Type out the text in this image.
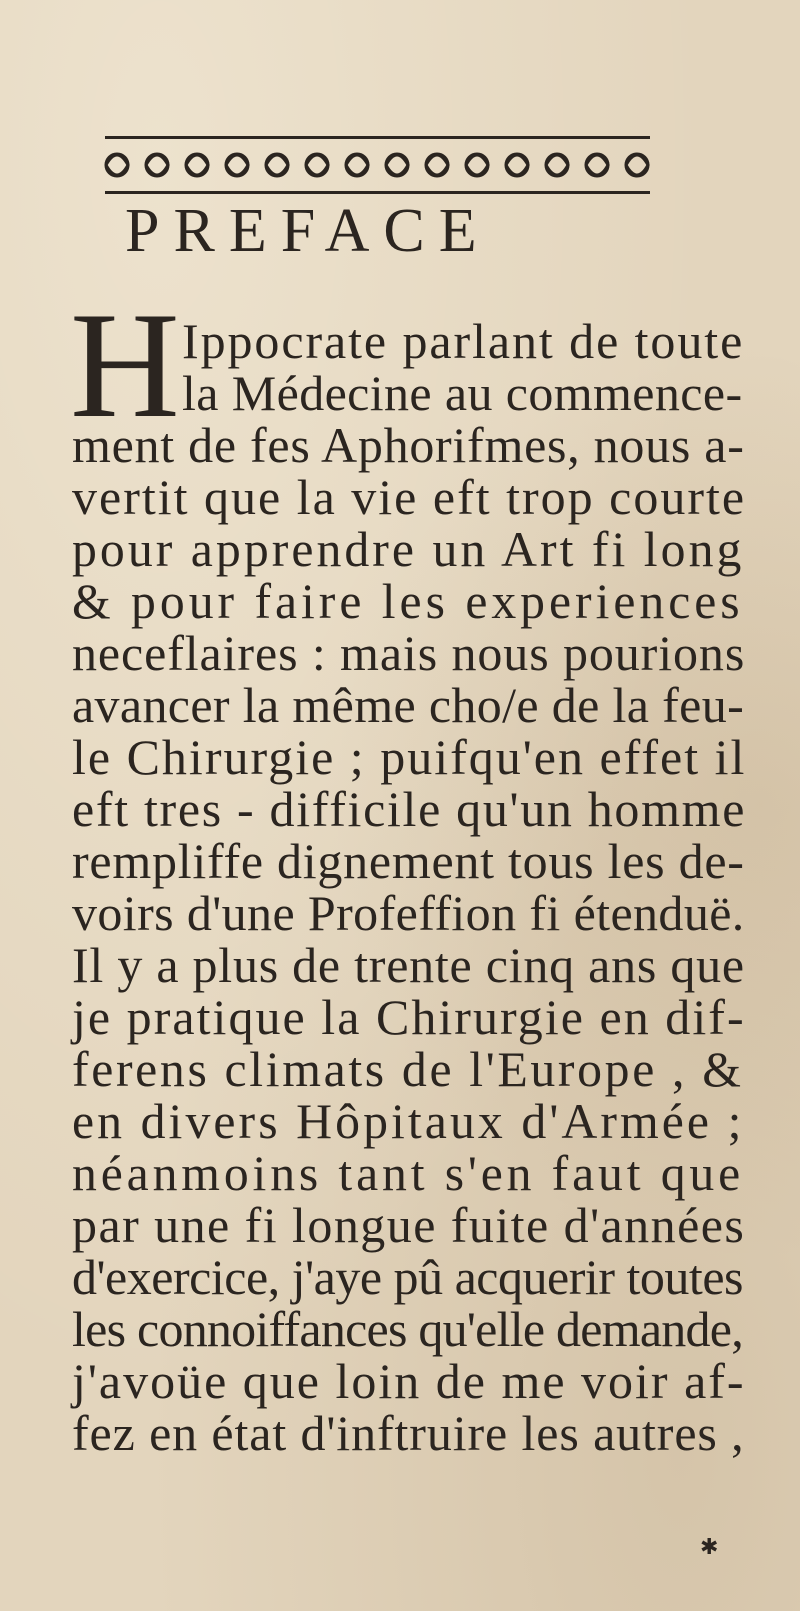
PREFACE
H Ippocrate parlant de toute
la Médecine au commence-
ment de fes Aphorifmes, nous a-
vertit que la vie eft trop courte
pour apprendre un Art fi long
& pour faire les experiences
neceflaires : mais nous pourions
avancer la même cho/e de la feu-
le Chirurgie ; puifqu'en effet il
eft tres - difficile qu'un homme
rempliffe dignement tous les de-
voirs d'une Profeffion fi étenduë.
Il y a plus de trente cinq ans que
je pratique la Chirurgie en dif-
ferens climats de l'Europe , &
en divers Hôpitaux d'Armée ;
néanmoins tant s'en faut que
par une fi longue fuite d'années
d'exercice, j'aye pû acquerir toutes
les connoiffances qu'elle demande,
j'avoüe que loin de me voir af-
fez en état d'inftruire les autres ,
✱
